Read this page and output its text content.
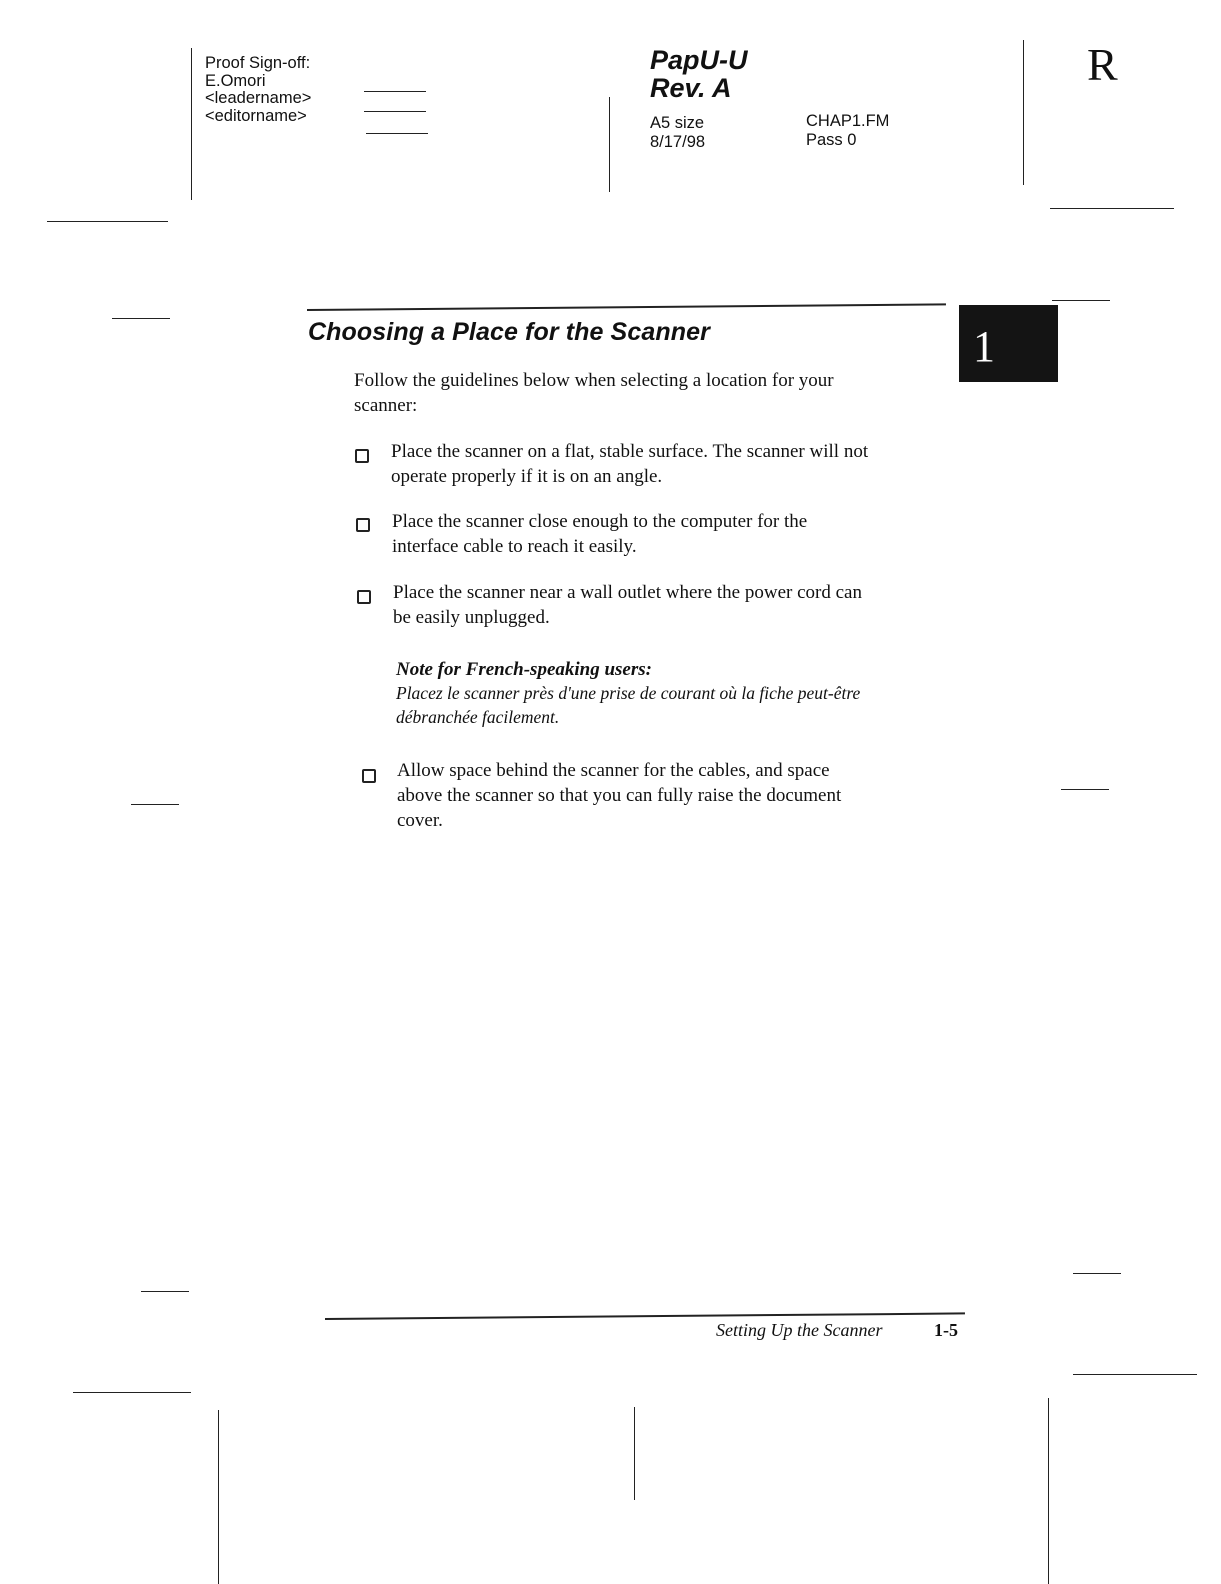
Proof Sign-off:
E.Omori
<leadername>
<editorname>
PapU-U
Rev. A
A5 size
8/17/98
CHAP1.FM
Pass 0
R
1
Choosing a Place for the Scanner
Follow the guidelines below when selecting a location for your
scanner:
Place the scanner on a flat, stable surface. The scanner will not
operate properly if it is on an angle.
Place the scanner close enough to the computer for the
interface cable to reach it easily.
Place the scanner near a wall outlet where the power cord can
be easily unplugged.
Note for French-speaking users:
Placez le scanner près d'une prise de courant où la fiche peut-être
débranchée facilement.
Allow space behind the scanner for the cables, and space
above the scanner so that you can fully raise the document
cover.
Setting Up the Scanner	1-5
